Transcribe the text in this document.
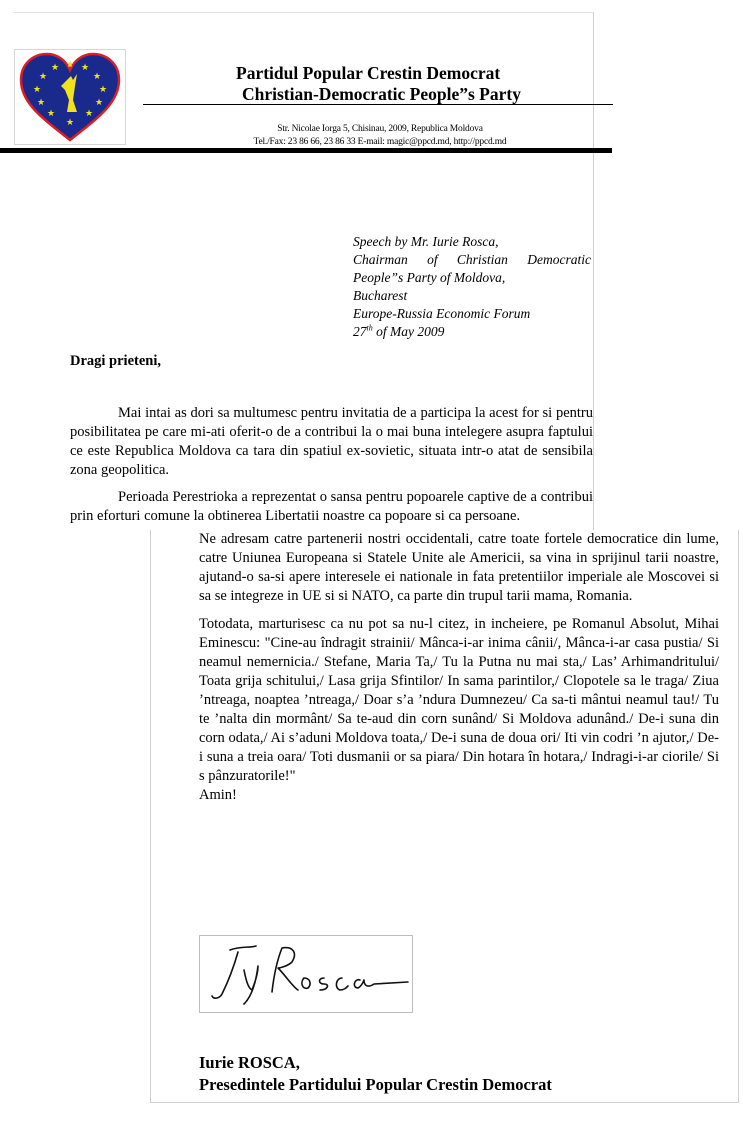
★
★ ★
★	★
★	★
★	★
★	★
★
Partidul Popular Crestin Democrat
Christian-Democratic People”s Party
Str. Nicolae Iorga 5, Chisinau, 2009, Republica Moldova
Tel./Fax: 23 86 66, 23 86 33 E-mail: magic@ppcd.md, http://ppcd.md
Speech by Mr. Iurie Rosca,
Chairman of Christian Democratic
People”s Party of Moldova,
Bucharest
Europe-Russia Economic Forum
27th of May 2009
Dragi prieteni,

Mai intai as dori sa multumesc pentru invitatia de a participa la acest for si pentru posibilitatea pe care mi-ati oferit-o de a contribui la o mai buna intelegere asupra faptului ce este Republica Moldova ca tara din spatiul ex-sovietic, situata intr-o atat de sensibila zona geopolitica.

Perioada Perestrioka a reprezentat o sansa pentru popoarele captive de a contribui prin eforturi comune la obtinerea Libertatii noastre ca popoare si ca persoane.

Ne adresam catre partenerii nostri occidentali, catre toate fortele democratice din lume, catre Uniunea Europeana si Statele Unite ale Americii, sa vina in sprijinul tarii noastre, ajutand-o sa-si apere interesele ei nationale in fata pretentiilor imperiale ale Moscovei si sa se integreze in UE si si NATO, ca parte din trupul tarii mama, Romania.

Totodata, marturisesc ca nu pot sa nu-l citez, in incheiere, pe Romanul Absolut, Mihai Eminescu: "Cine-au îndragit strainii/ Mânca-i-ar inima cânii/, Mânca-i-ar casa pustia/ Si neamul nemernicia./ Stefane, Maria Ta,/ Tu la Putna nu mai sta,/ Las’ Arhimandritului/ Toata grija schitului,/ Lasa grija Sfintilor/ In sama parintilor,/ Clopotele sa le traga/ Ziua ’ntreaga, noaptea ’ntreaga,/ Doar s’a ’ndura Dumnezeu/ Ca sa-ti mântui neamul tau!/ Tu te ’nalta din mormânt/ Sa te-aud din corn sunând/ Si Moldova adunând./ De-i suna din corn odata,/ Ai s’aduni Moldova toata,/ De-i suna de doua ori/ Iti vin codri ’n ajutor,/ De-i suna a treia oara/ Toti dusmanii or sa piara/ Din hotara în hotara,/ Indragi-i-ar ciorile/ Si s pânzuratorile!"

Amin!
Iurie ROSCA,
Presedintele Partidului Popular Crestin Democrat
